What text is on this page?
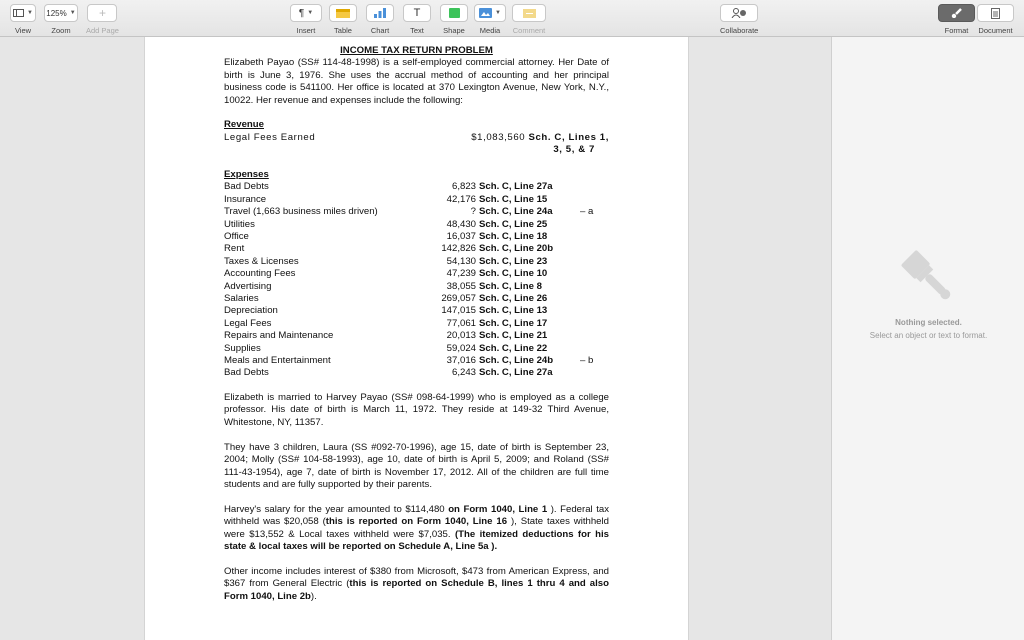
▼
View
125% ▼
Zoom
+
Add Page
¶ ▼
Insert Table	Chart
T
Text	Shape
▼
Media Comment	Collaborate	Format Document
INCOME TAX RETURN PROBLEM

Elizabeth Payao (SS# 114-48-1998) is a self-employed commercial attorney. Her Date of birth is June 3, 1976. She uses the accrual method of accounting and her principal business code is 541100. Her office is located at 370 Lexington Avenue, New York, N.Y., 10022. Her revenue and expenses include the following:

Revenue
Legal Fees Earned	$1,083,560 Sch. C, Lines 1,
3, 5, & 7
Expenses
Bad Debts	6,823 Sch. C, Line 27a
Insurance	42,176 Sch. C, Line 15
Travel (1,663 business miles driven)	? Sch. C, Line 24a	– a
Utilities	48,430 Sch. C, Line 25
Office	16,037 Sch. C, Line 18
Rent	142,826 Sch. C, Line 20b
Taxes & Licenses	54,130 Sch. C, Line 23
Accounting Fees	47,239 Sch. C, Line 10
Advertising	38,055 Sch. C, Line 8
Salaries	269,057 Sch. C, Line 26
Depreciation	147,015 Sch. C, Line 13
Legal Fees	77,061 Sch. C, Line 17
Repairs and Maintenance	20,013 Sch. C, Line 21
Supplies	59,024 Sch. C, Line 22
Meals and Entertainment	37,016 Sch. C, Line 24b	– b
Bad Debts	6,243 Sch. C, Line 27a

Elizabeth is married to Harvey Payao (SS# 098-64-1999) who is employed as a college professor. His date of birth is March 11, 1972. They reside at 149-32 Third Avenue, Whitestone, NY, 11357.

They have 3 children, Laura (SS #092-70-1996), age 15, date of birth is September 23, 2004; Molly (SS# 104-58-1993), age 10, date of birth is April 5, 2009; and Roland (SS# 111-43-1954), age 7, date of birth is November 17, 2012. All of the children are full time students and are fully supported by their parents.

Harvey's salary for the year amounted to $114,480 on Form 1040, Line 1 ). Federal tax withheld was $20,058 (this is reported on Form 1040, Line 16 ), State taxes withheld were $13,552 & Local taxes withheld were $7,035. (The itemized deductions for his state & local taxes will be reported on Schedule A, Line 5a ).

Other income includes interest of $380 from Microsoft, $473 from American Express, and $367 from General Electric (this is reported on Schedule B, lines 1 thru 4 and also Form 1040, Line 2b).

Nothing selected.
Select an object or text to format.
